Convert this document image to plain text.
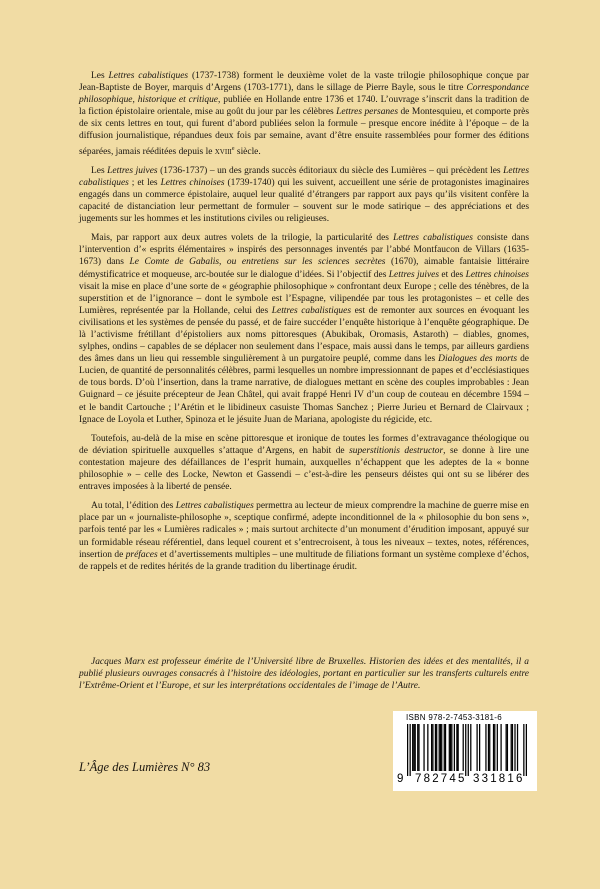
Les Lettres cabalistiques (1737-1738) forment le deuxième volet de la vaste trilogie philosophique conçue par Jean-Baptiste de Boyer, marquis d’Argens (1703-1771), dans le sillage de Pierre Bayle, sous le titre Correspondance philosophique, historique et critique, publiée en Hollande entre 1736 et 1740. L’ouvrage s’inscrit dans la tradition de la fiction épistolaire orientale, mise au goût du jour par les célèbres Lettres persanes de Montesquieu, et comporte près de six cents lettres en tout, qui furent d’abord publiées selon la formule – presque encore inédite à l’époque – de la diffusion journalistique, répandues deux fois par semaine, avant d’être ensuite rassemblées pour former des éditions séparées, jamais rééditées depuis le xviii$^e$ siècle.

Les Lettres juives (1736-1737) – un des grands succès éditoriaux du siècle des Lumières – qui précèdent les Lettres cabalistiques ; et les Lettres chinoises (1739-1740) qui les suivent, accueillent une série de protagonistes imaginaires engagés dans un commerce épistolaire, auquel leur qualité d’étrangers par rapport aux pays qu’ils visitent confère la capacité de distanciation leur permettant de formuler – souvent sur le mode satirique – des appréciations et des jugements sur les hommes et les institutions civiles ou religieuses.

Mais, par rapport aux deux autres volets de la trilogie, la particularité des Lettres cabalistiques consiste dans l’intervention d’« esprits élémentaires » inspirés des personnages inventés par l’abbé Montfaucon de Villars (1635-1673) dans Le Comte de Gabalis, ou entretiens sur les sciences secrètes (1670), aimable fantaisie littéraire démystificatrice et moqueuse, arc-boutée sur le dialogue d’idées. Si l’objectif des Lettres juives et des Lettres chinoises visait la mise en place d’une sorte de « géographie philosophique » confrontant deux Europe ; celle des ténèbres, de la superstition et de l’ignorance – dont le symbole est l’Espagne, vilipendée par tous les protagonistes – et celle des Lumières, représentée par la Hollande, celui des Lettres cabalistiques est de remonter aux sources en évoquant les civilisations et les systèmes de pensée du passé, et de faire succéder l’enquête historique à l’enquête géographique. De là l’activisme frétillant d’épistoliers aux noms pittoresques (Abukibak, Oromasis, Astaroth) – diables, gnomes, sylphes, ondins – capables de se déplacer non seulement dans l’espace, mais aussi dans le temps, par ailleurs gardiens des âmes dans un lieu qui ressemble singulièrement à un purgatoire peuplé, comme dans les Dialogues des morts de Lucien, de quantité de personnalités célèbres, parmi lesquelles un nombre impressionnant de papes et d’ecclésiastiques de tous bords. D’où l’insertion, dans la trame narrative, de dialogues mettant en scène des couples improbables : Jean Guignard – ce jésuite précepteur de Jean Châtel, qui avait frappé Henri IV d’un coup de couteau en décembre 1594 – et le bandit Cartouche ; l’Arétin et le libidineux casuiste Thomas Sanchez ; Pierre Jurieu et Bernard de Clairvaux ; Ignace de Loyola et Luther, Spinoza et le jésuite Juan de Mariana, apologiste du régicide, etc.

Toutefois, au-delà de la mise en scène pittoresque et ironique de toutes les formes d’extravagance théologique ou de déviation spirituelle auxquelles s’attaque d’Argens, en habit de superstitionis destructor, se donne à lire une contestation majeure des défaillances de l’esprit humain, auxquelles n’échappent que les adeptes de la « bonne philosophie » – celle des Locke, Newton et Gassendi – c’est-à-dire les penseurs déistes qui ont su se libérer des entraves imposées à la liberté de pensée.

Au total, l’édition des Lettres cabalistiques permettra au lecteur de mieux comprendre la machine de guerre mise en place par un « journaliste-philosophe », sceptique confirmé, adepte inconditionnel de la « philosophie du bon sens », parfois tenté par les « Lumières radicales » ; mais surtout architecte d’un monument d’érudition imposant, appuyé sur un formidable réseau référentiel, dans lequel courent et s’entrecroisent, à tous les niveaux – textes, notes, références, insertion de préfaces et d’avertissements multiples – une multitude de filiations formant un système complexe d’échos, de rappels et de redites hérités de la grande tradition du libertinage érudit.

Jacques Marx est professeur émérite de l’Université libre de Bruxelles. Historien des idées et des mentalités, il a publié plusieurs ouvrages consacrés à l’histoire des idéologies, portant en particulier sur les transferts culturels entre l’Extrême-Orient et l’Europe, et sur les interprétations occidentales de l’image de l’Autre.

L’Âge des Lumières N° 83
ISBN 978-2-7453-3181-6
9 782745 331816
